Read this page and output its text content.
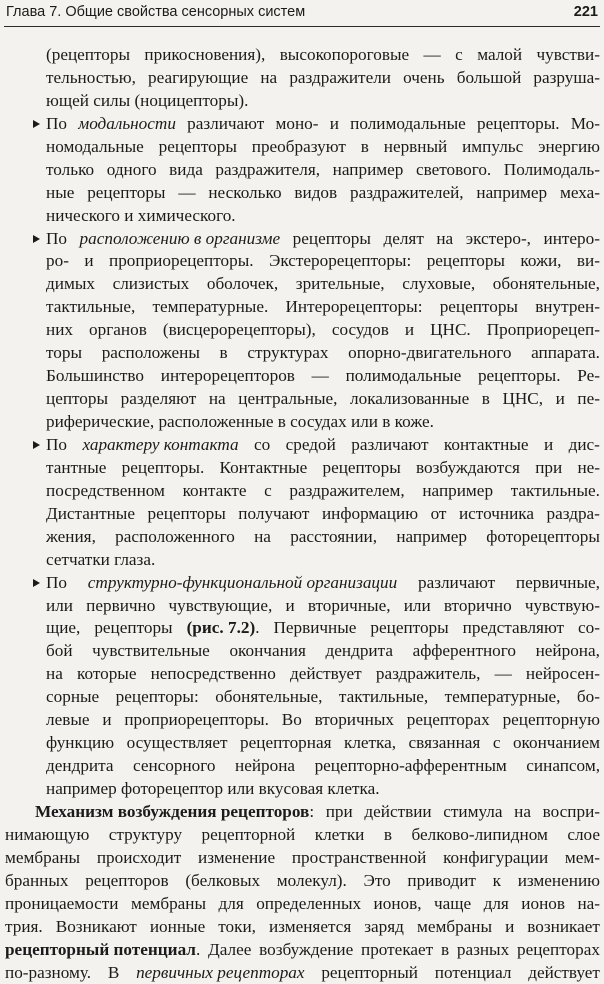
Глава 7. Общие свойства сенсорных систем	221
(рецепторы прикосновения), высокопороговые — с малой чувстви-
тельностью, реагирующие на раздражители очень большой разруша-
ющей силы (ноцицепторы).
По модальности различают моно- и полимодальные рецепторы. Мо-
номодальные рецепторы преобразуют в нервный импульс энергию
только одного вида раздражителя, например светового. Полимодаль-
ные рецепторы — несколько видов раздражителей, например меха-
нического и химического.
По расположению в организме рецепторы делят на экстеро-, интеро-
ро- и проприорецепторы. Экстерорецепторы: рецепторы кожи, ви-
димых слизистых оболочек, зрительные, слуховые, обонятельные,
тактильные, температурные. Интерорецепторы: рецепторы внутрен-
них органов (висцерорецепторы), сосудов и ЦНС. Проприорецеп-
торы расположены в структурах опорно-двигательного аппарата.
Большинство интерорецепторов — полимодальные рецепторы. Ре-
цепторы разделяют на центральные, локализованные в ЦНС, и пе-
риферические, расположенные в сосудах или в коже.
По характеру контакта со средой различают контактные и дис-
тантные рецепторы. Контактные рецепторы возбуждаются при не-
посредственном контакте с раздражителем, например тактильные.
Дистантные рецепторы получают информацию от источника раздра-
жения, расположенного на расстоянии, например фоторецепторы
сетчатки глаза.
По структурно-функциональной организации различают первичные,
или первично чувствующие, и вторичные, или вторично чувствую-
щие, рецепторы (рис. 7.2). Первичные рецепторы представляют со-
бой чувствительные окончания дендрита афферентного нейрона,
на которые непосредственно действует раздражитель, — нейросен-
сорные рецепторы: обонятельные, тактильные, температурные, бо-
левые и проприорецепторы. Во вторичных рецепторах рецепторную
функцию осуществляет рецепторная клетка, связанная с окончанием
дендрита сенсорного нейрона рецепторно-афферентным синапсом,
например фоторецептор или вкусовая клетка.
Механизм возбуждения рецепторов: при действии стимула на воспри-
нимающую структуру рецепторной клетки в белково-липидном слое
мембраны происходит изменение пространственной конфигурации мем-
бранных рецепторов (белковых молекул). Это приводит к изменению
проницаемости мембраны для определенных ионов, чаще для ионов на-
трия. Возникают ионные токи, изменяется заряд мембраны и возникает
рецепторный потенциал. Далее возбуждение протекает в разных рецепторах
по-разному. В первичных рецепторах рецепторный потенциал действует
